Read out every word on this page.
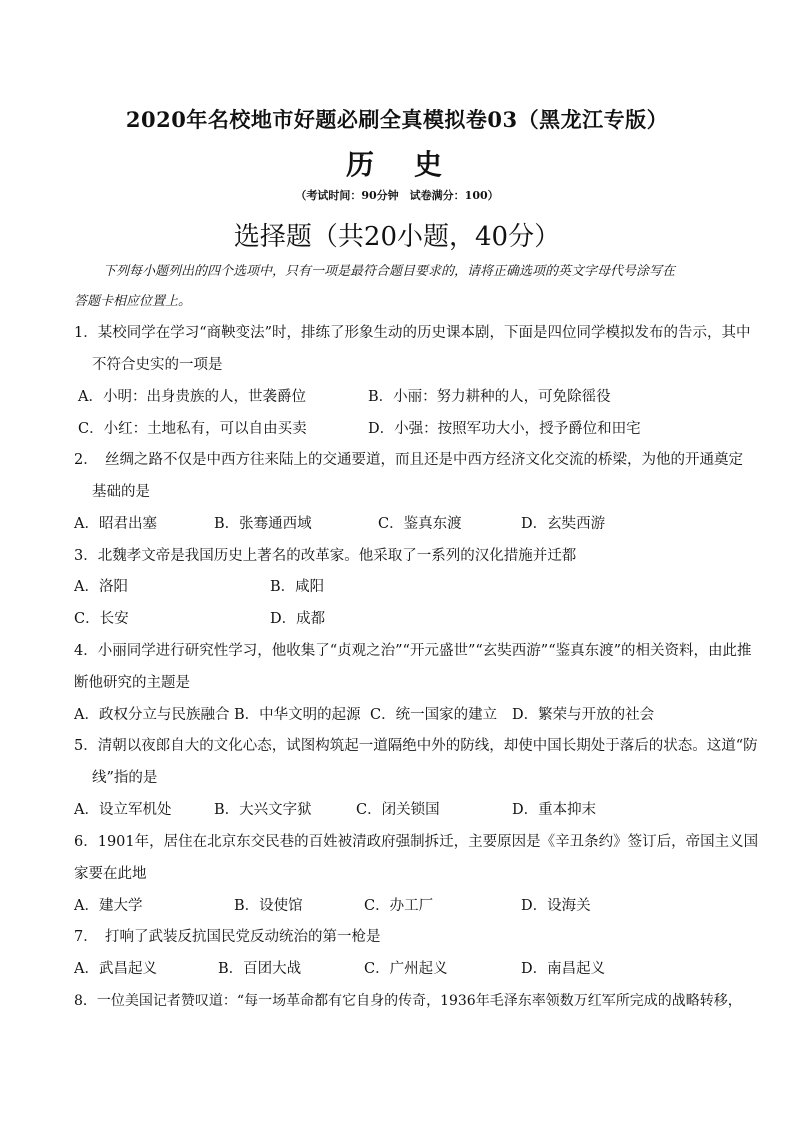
2020年名校地市好题必刷全真模拟卷03（黑龙江专版）
历　史
（考试时间：90分钟　试卷满分：100）
选择题（共20小题，40分）
下列每小题列出的四个选项中，只有一项是最符合题目要求的，请将正确选项的英文字母代号涂写在
答题卡相应位置上。
1．某校同学在学习“商鞅变法”时，排练了形象生动的历史课本剧，下面是四位同学模拟发布的告示，其中
不符合史实的一项是
A．小明：出身贵族的人，世袭爵位	B．小丽：努力耕种的人，可免除徭役
C．小红：土地私有，可以自由买卖	D．小强：按照军功大小，授予爵位和田宅
2．　丝绸之路不仅是中西方往来陆上的交通要道，而且还是中西方经济文化交流的桥梁，为他的开通奠定
基础的是
A．昭君出塞	B．张骞通西域	C．鉴真东渡	D．玄奘西游
3．北魏孝文帝是我国历史上著名的改革家。他采取了一系列的汉化措施并迁都
A．洛阳	B．咸阳
C．长安	D．成都
4．小丽同学进行研究性学习，他收集了“贞观之治”“开元盛世”“玄奘西游”“鉴真东渡”的相关资料，由此推
断他研究的主题是
A．政权分立与民族融合 B．中华文明的起源 C．统一国家的建立 D．繁荣与开放的社会
5．清朝以夜郎自大的文化心态，试图构筑起一道隔绝中外的防线，却使中国长期处于落后的状态。这道“防
线”指的是
A．设立军机处	B．大兴文字狱	C．闭关锁国	D．重本抑末
6．1901年，居住在北京东交民巷的百姓被清政府强制拆迁，主要原因是《辛丑条约》签订后，帝国主义国
家要在此地
A．建大学	B．设使馆	C．办工厂	D．设海关
7．　打响了武装反抗国民党反动统治的第一枪是
A．武昌起义	B．百团大战	C．广州起义	D．南昌起义
8．一位美国记者赞叹道：“每一场革命都有它自身的传奇，1936年毛泽东率领数万红军所完成的战略转移，
